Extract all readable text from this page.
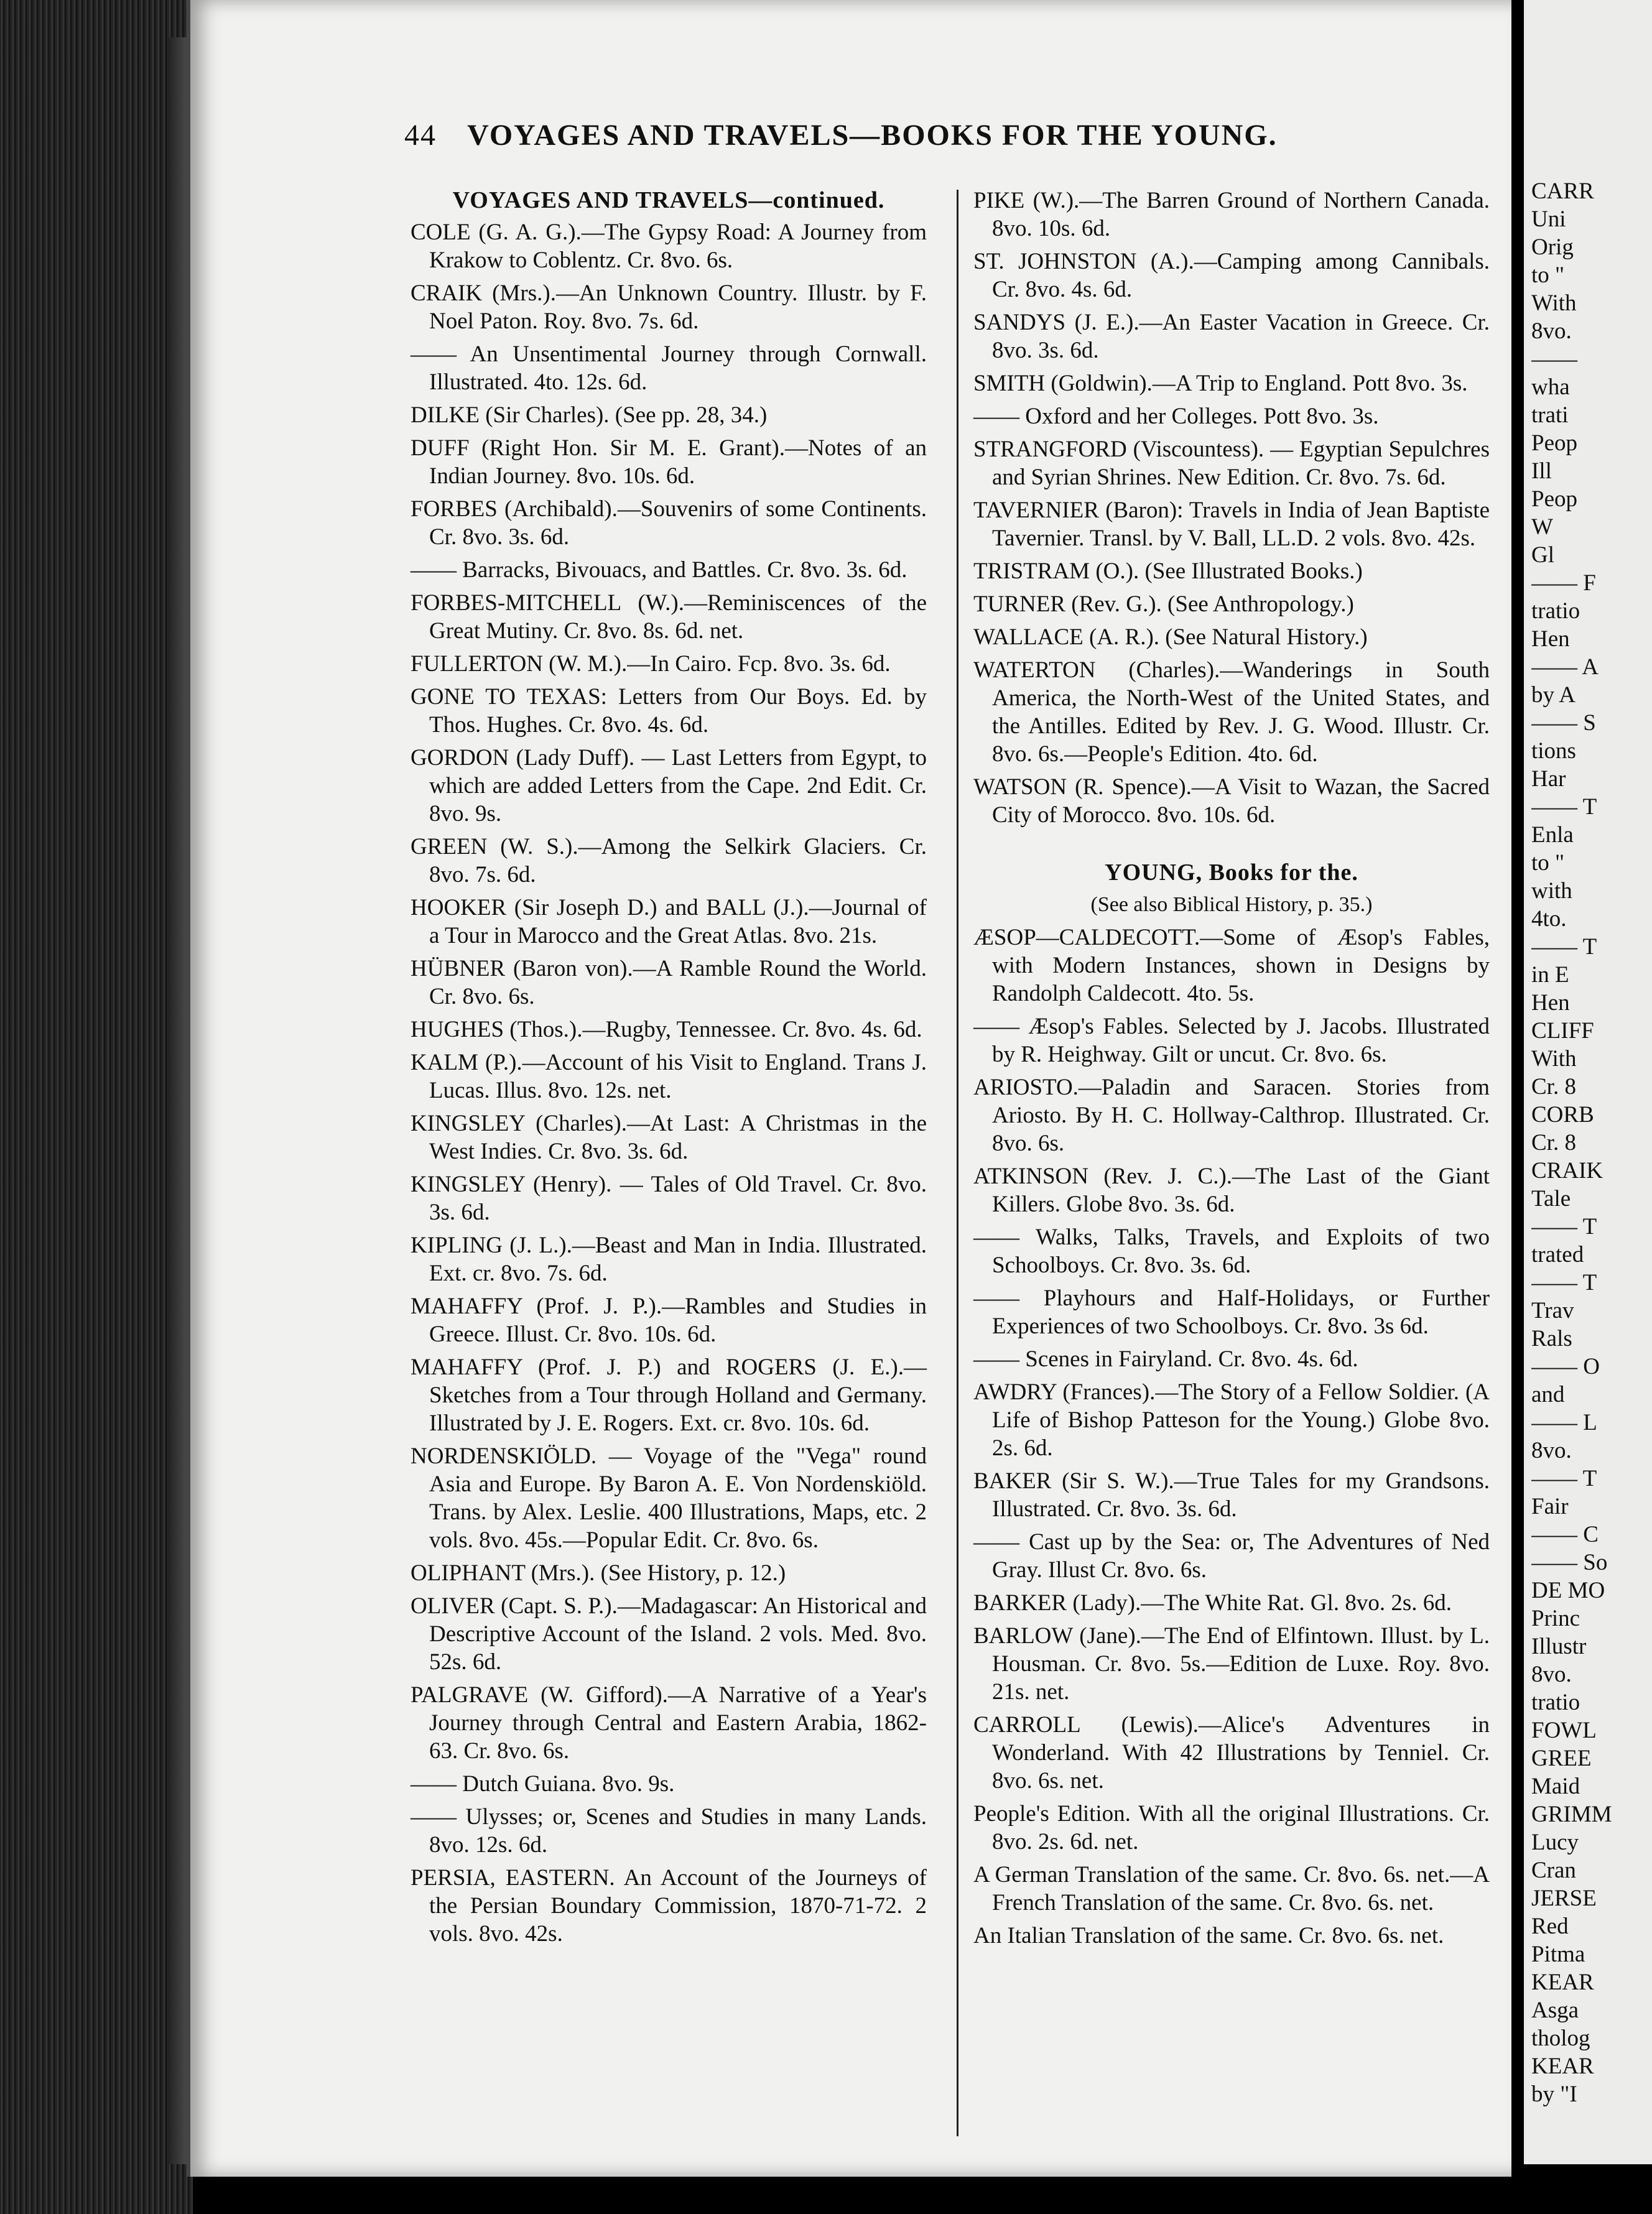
44 VOYAGES AND TRAVELS—BOOKS FOR THE YOUNG.
VOYAGES AND TRAVELS—continued.
COLE (G. A. G.).—The Gypsy Road: A Journey from Krakow to Coblentz. Cr. 8vo. 6s.
CRAIK (Mrs.).—An Unknown Country. Illustr. by F. Noel Paton. Roy. 8vo. 7s. 6d.
—— An Unsentimental Journey through Cornwall. Illustrated. 4to. 12s. 6d.
DILKE (Sir Charles). (See pp. 28, 34.)
DUFF (Right Hon. Sir M. E. Grant).—Notes of an Indian Journey. 8vo. 10s. 6d.
FORBES (Archibald).—Souvenirs of some Continents. Cr. 8vo. 3s. 6d.
—— Barracks, Bivouacs, and Battles. Cr. 8vo. 3s. 6d.
FORBES-MITCHELL (W.).—Reminiscences of the Great Mutiny. Cr. 8vo. 8s. 6d. net.
FULLERTON (W. M.).—In Cairo. Fcp. 8vo. 3s. 6d.
GONE TO TEXAS: Letters from Our Boys. Ed. by Thos. Hughes. Cr. 8vo. 4s. 6d.
GORDON (Lady Duff). — Last Letters from Egypt, to which are added Letters from the Cape. 2nd Edit. Cr. 8vo. 9s.
GREEN (W. S.).—Among the Selkirk Glaciers. Cr. 8vo. 7s. 6d.
HOOKER (Sir Joseph D.) and BALL (J.).—Journal of a Tour in Marocco and the Great Atlas. 8vo. 21s.
HÜBNER (Baron von).—A Ramble Round the World. Cr. 8vo. 6s.
HUGHES (Thos.).—Rugby, Tennessee. Cr. 8vo. 4s. 6d.
KALM (P.).—Account of his Visit to England. Trans J. Lucas. Illus. 8vo. 12s. net.
KINGSLEY (Charles).—At Last: A Christmas in the West Indies. Cr. 8vo. 3s. 6d.
KINGSLEY (Henry). — Tales of Old Travel. Cr. 8vo. 3s. 6d.
KIPLING (J. L.).—Beast and Man in India. Illustrated. Ext. cr. 8vo. 7s. 6d.
MAHAFFY (Prof. J. P.).—Rambles and Studies in Greece. Illust. Cr. 8vo. 10s. 6d.
MAHAFFY (Prof. J. P.) and ROGERS (J. E.).—Sketches from a Tour through Holland and Germany. Illustrated by J. E. Rogers. Ext. cr. 8vo. 10s. 6d.
NORDENSKIÖLD. — Voyage of the "Vega" round Asia and Europe. By Baron A. E. Von Nordenskiöld. Trans. by Alex. Leslie. 400 Illustrations, Maps, etc. 2 vols. 8vo. 45s.—Popular Edit. Cr. 8vo. 6s.
OLIPHANT (Mrs.). (See History, p. 12.)
OLIVER (Capt. S. P.).—Madagascar: An Historical and Descriptive Account of the Island. 2 vols. Med. 8vo. 52s. 6d.
PALGRAVE (W. Gifford).—A Narrative of a Year's Journey through Central and Eastern Arabia, 1862-63. Cr. 8vo. 6s.
—— Dutch Guiana. 8vo. 9s.
—— Ulysses; or, Scenes and Studies in many Lands. 8vo. 12s. 6d.
PERSIA, EASTERN. An Account of the Journeys of the Persian Boundary Commission, 1870-71-72. 2 vols. 8vo. 42s.
PIKE (W.).—The Barren Ground of Northern Canada. 8vo. 10s. 6d.
ST. JOHNSTON (A.).—Camping among Cannibals. Cr. 8vo. 4s. 6d.
SANDYS (J. E.).—An Easter Vacation in Greece. Cr. 8vo. 3s. 6d.
SMITH (Goldwin).—A Trip to England. Pott 8vo. 3s.
—— Oxford and her Colleges. Pott 8vo. 3s.
STRANGFORD (Viscountess). — Egyptian Sepulchres and Syrian Shrines. New Edition. Cr. 8vo. 7s. 6d.
TAVERNIER (Baron): Travels in India of Jean Baptiste Tavernier. Transl. by V. Ball, LL.D. 2 vols. 8vo. 42s.
TRISTRAM (O.). (See Illustrated Books.)
TURNER (Rev. G.). (See Anthropology.)
WALLACE (A. R.). (See Natural History.)
WATERTON (Charles).—Wanderings in South America, the North-West of the United States, and the Antilles. Edited by Rev. J. G. Wood. Illustr. Cr. 8vo. 6s.—People's Edition. 4to. 6d.
WATSON (R. Spence).—A Visit to Wazan, the Sacred City of Morocco. 8vo. 10s. 6d.
YOUNG, Books for the.
(See also Biblical History, p. 35.)
ÆSOP—CALDECOTT.—Some of Æsop's Fables, with Modern Instances, shown in Designs by Randolph Caldecott. 4to. 5s.
—— Æsop's Fables. Selected by J. Jacobs. Illustrated by R. Heighway. Gilt or uncut. Cr. 8vo. 6s.
ARIOSTO.—Paladin and Saracen. Stories from Ariosto. By H. C. Hollway-Calthrop. Illustrated. Cr. 8vo. 6s.
ATKINSON (Rev. J. C.).—The Last of the Giant Killers. Globe 8vo. 3s. 6d.
—— Walks, Talks, Travels, and Exploits of two Schoolboys. Cr. 8vo. 3s. 6d.
—— Playhours and Half-Holidays, or Further Experiences of two Schoolboys. Cr. 8vo. 3s 6d.
—— Scenes in Fairyland. Cr. 8vo. 4s. 6d.
AWDRY (Frances).—The Story of a Fellow Soldier. (A Life of Bishop Patteson for the Young.) Globe 8vo. 2s. 6d.
BAKER (Sir S. W.).—True Tales for my Grandsons. Illustrated. Cr. 8vo. 3s. 6d.
—— Cast up by the Sea: or, The Adventures of Ned Gray. Illust Cr. 8vo. 6s.
BARKER (Lady).—The White Rat. Gl. 8vo. 2s. 6d.
BARLOW (Jane).—The End of Elfintown. Illust. by L. Housman. Cr. 8vo. 5s.—Edition de Luxe. Roy. 8vo. 21s. net.
CARROLL (Lewis).—Alice's Adventures in Wonderland. With 42 Illustrations by Tenniel. Cr. 8vo. 6s. net.
People's Edition. With all the original Illustrations. Cr. 8vo. 2s. 6d. net.
A German Translation of the same. Cr. 8vo. 6s. net.—A French Translation of the same. Cr. 8vo. 6s. net.
An Italian Translation of the same. Cr. 8vo. 6s. net.
CARR
Uni
Orig
to "
With
8vo.
——
wha
trati
Peop
Ill
Peop
W
Gl
—— F
tratio
Hen
—— A
by A
—— S
tions
Har
—— T
Enla
to "
with
4to.
—— T
in E
Hen
CLIFF
With
Cr. 8
CORB
Cr. 8
CRAIK
Tale
—— T
trated
—— T
Trav
Rals
—— O
and
—— L
8vo.
—— T
Fair
—— C
—— So
DE MO
Princ
Illustr
8vo.
tratio
FOWL
GREE
Maid
GRIMM
Lucy
Cran
JERSE
Red
Pitma
KEAR
Asga
tholog
KEAR
by "I
